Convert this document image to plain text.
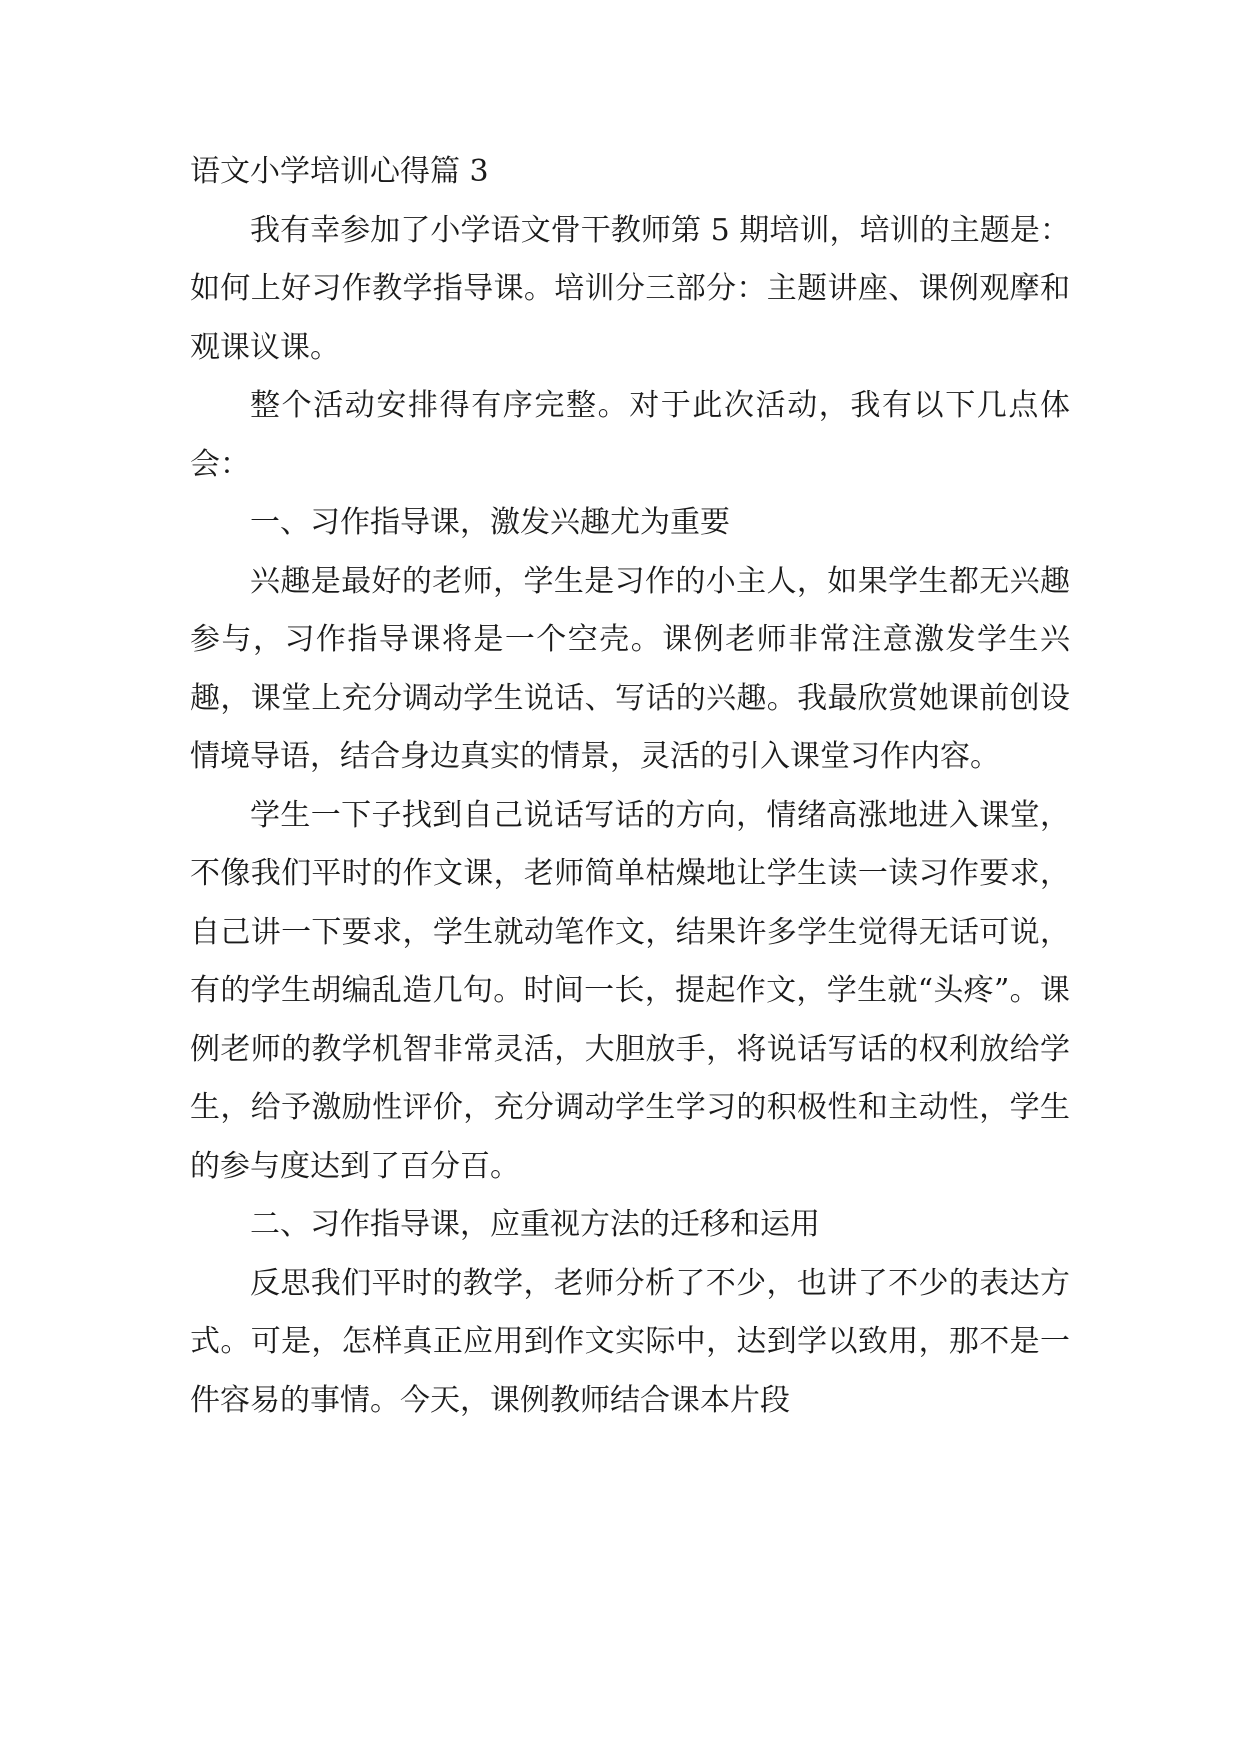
语文小学培训心得篇 3

我有幸参加了小学语文骨干教师第 5 期培训，培训的主题是：如何上好习作教学指导课。培训分三部分：主题讲座、课例观摩和观课议课。

整个活动安排得有序完整。对于此次活动，我有以下几点体会：

一、习作指导课，激发兴趣尤为重要

兴趣是最好的老师，学生是习作的小主人，如果学生都无兴趣参与，习作指导课将是一个空壳。课例老师非常注意激发学生兴趣，课堂上充分调动学生说话、写话的兴趣。我最欣赏她课前创设情境导语，结合身边真实的情景，灵活的引入课堂习作内容。

学生一下子找到自己说话写话的方向，情绪高涨地进入课堂，不像我们平时的作文课，老师简单枯燥地让学生读一读习作要求，自己讲一下要求，学生就动笔作文，结果许多学生觉得无话可说，有的学生胡编乱造几句。时间一长，提起作文，学生就“头疼”。课例老师的教学机智非常灵活，大胆放手，将说话写话的权利放给学生，给予激励性评价，充分调动学生学习的积极性和主动性，学生的参与度达到了百分百。

二、习作指导课，应重视方法的迁移和运用

反思我们平时的教学，老师分析了不少，也讲了不少的表达方式。可是，怎样真正应用到作文实际中，达到学以致用，那不是一件容易的事情。今天，课例教师结合课本片段
